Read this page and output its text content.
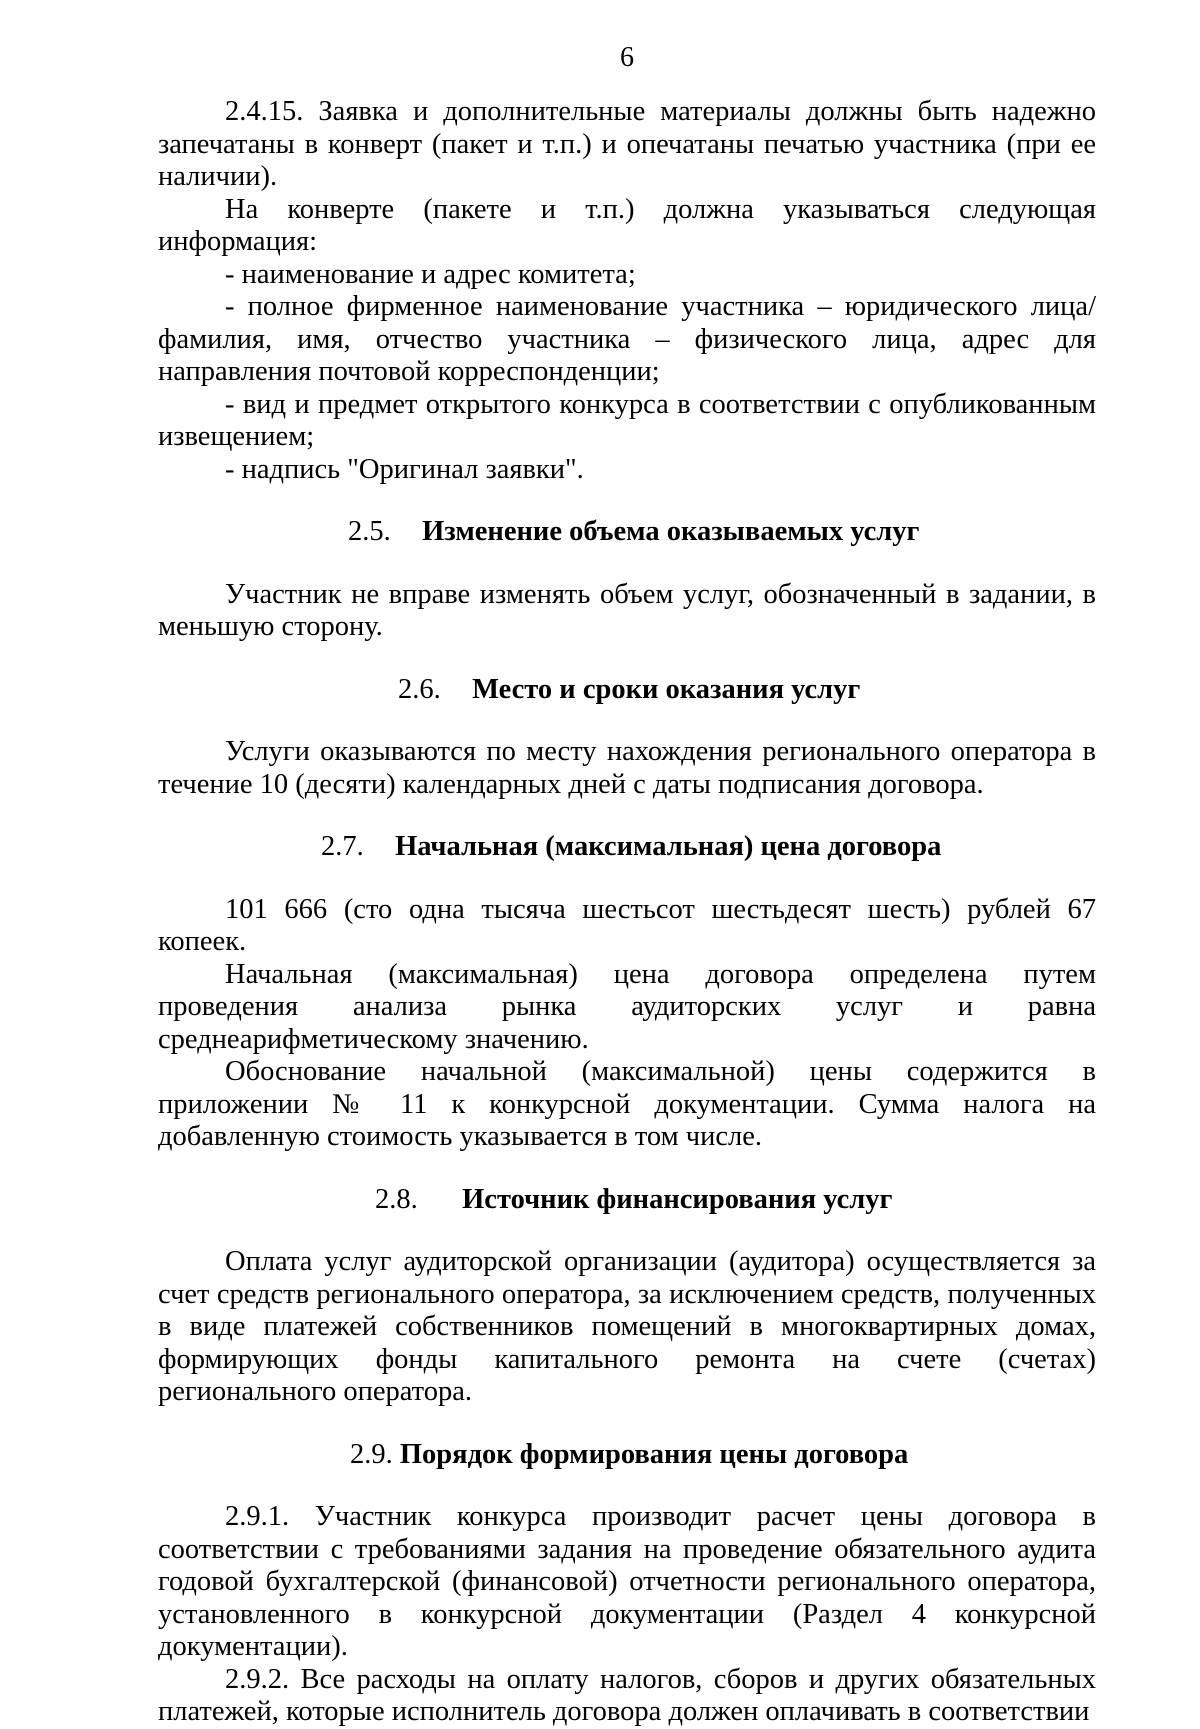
6

2.4.15. Заявка и дополнительные материалы должны быть надежно запечатаны в конверт (пакет и т.п.) и опечатаны печатью участника (при ее наличии).

На конверте (пакете и т.п.) должна указываться следующая информация:

- наименование и адрес комитета;

- полное фирменное наименование участника – юридического лица/фамилия, имя, отчество участника – физического лица, адрес для направления почтовой корреспонденции;

- вид и предмет открытого конкурса в соответствии с опубликованным извещением;

- надпись "Оригинал заявки".

2.5. Изменение объема оказываемых услуг

Участник не вправе изменять объем услуг, обозначенный в задании, в меньшую сторону.

2.6. Место и сроки оказания услуг

Услуги оказываются по месту нахождения регионального оператора в течение 10 (десяти) календарных дней с даты подписания договора.

2.7. Начальная (максимальная) цена договора

101 666 (сто одна тысяча шестьсот шестьдесят шесть) рублей 67 копеек.

Начальная (максимальная) цена договора определена путем проведения анализа рынка аудиторских услуг и равна среднеарифметическому значению.

Обоснование начальной (максимальной) цены содержится в приложении № 11 к конкурсной документации. Сумма налога на добавленную стоимость указывается в том числе.

2.8. Источник финансирования услуг

Оплата услуг аудиторской организации (аудитора) осуществляется за счет средств регионального оператора, за исключением средств, полученных в виде платежей собственников помещений в многоквартирных домах, формирующих фонды капитального ремонта на счете (счетах) регионального оператора.

2.9. Порядок формирования цены договора

2.9.1. Участник конкурса производит расчет цены договора в соответствии с требованиями задания на проведение обязательного аудита годовой бухгалтерской (финансовой) отчетности регионального оператора, установленного в конкурсной документации (Раздел 4 конкурсной документации).

2.9.2. Все расходы на оплату налогов, сборов и других обязательных платежей, которые исполнитель договора должен оплачивать в соответствии
